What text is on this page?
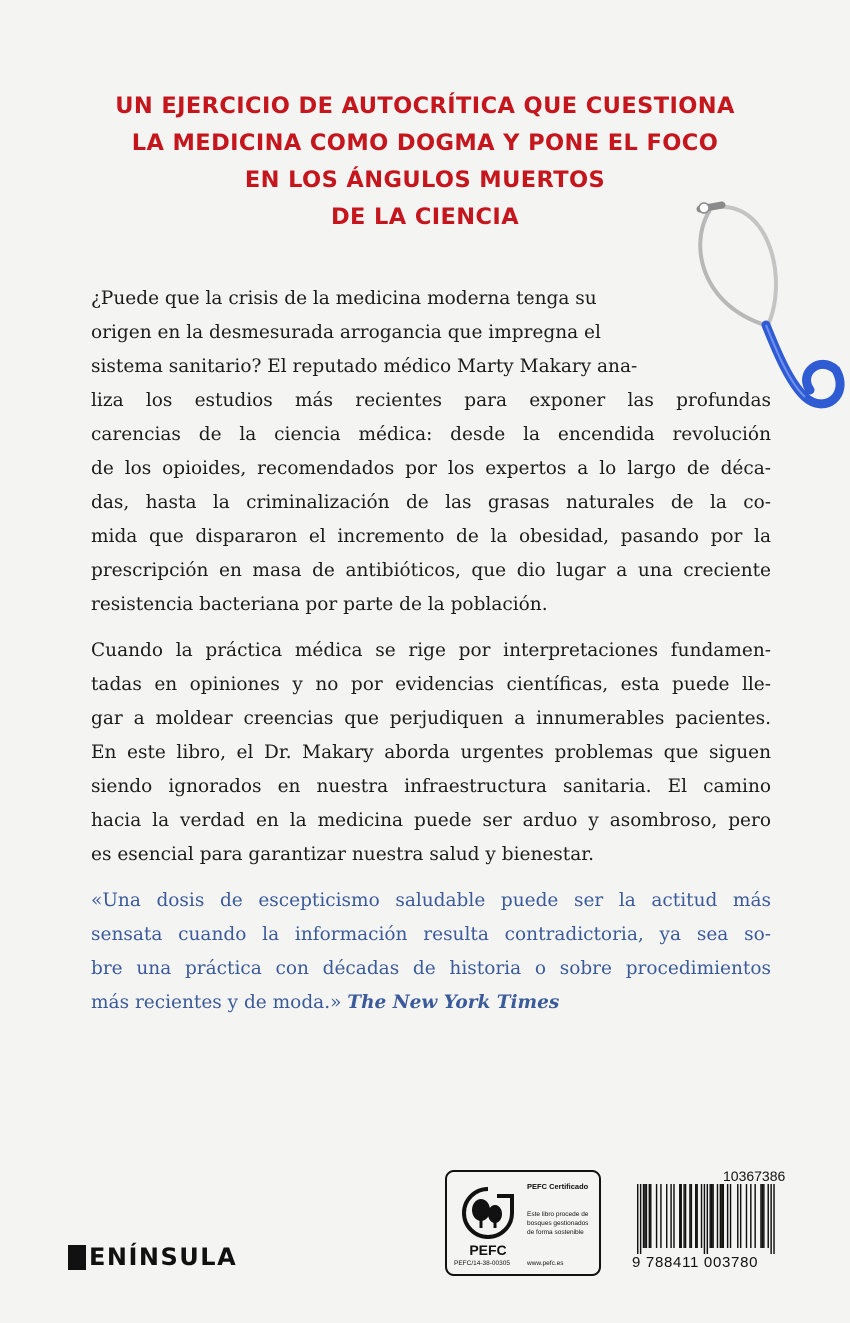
UN EJERCICIO DE AUTOCRÍTICA QUE CUESTIONA
LA MEDICINA COMO DOGMA Y PONE EL FOCO
EN LOS ÁNGULOS MUERTOS
DE LA CIENCIA
¿Puede que la crisis de la medicina moderna tenga su
origen en la desmesurada arrogancia que impregna el
sistema sanitario? El reputado médico Marty Makary ana-
liza los estudios más recientes para exponer las profundas
carencias de la ciencia médica: desde la encendida revolución
de los opioides, recomendados por los expertos a lo largo de déca-
das, hasta la criminalización de las grasas naturales de la co-
mida que dispararon el incremento de la obesidad, pasando por la
prescripción en masa de antibióticos, que dio lugar a una creciente
resistencia bacteriana por parte de la población.
Cuando la práctica médica se rige por interpretaciones fundamen-
tadas en opiniones y no por evidencias científicas, esta puede lle-
gar a moldear creencias que perjudiquen a innumerables pacientes.
En este libro, el Dr. Makary aborda urgentes problemas que siguen
siendo ignorados en nuestra infraestructura sanitaria. El camino
hacia la verdad en la medicina puede ser arduo y asombroso, pero
es esencial para garantizar nuestra salud y bienestar.
«Una dosis de escepticismo saludable puede ser la actitud más
sensata cuando la información resulta contradictoria, ya sea so-
bre una práctica con décadas de historia o sobre procedimientos
más recientes y de moda.» The New York Times
ENÍNSULA	PEFC
PEFC/14-38-00305
PEFC Certificado
Este libro procede de
bosques gestionados
de forma sostenible
www.pefc.es
10367386
9 788411 003780
